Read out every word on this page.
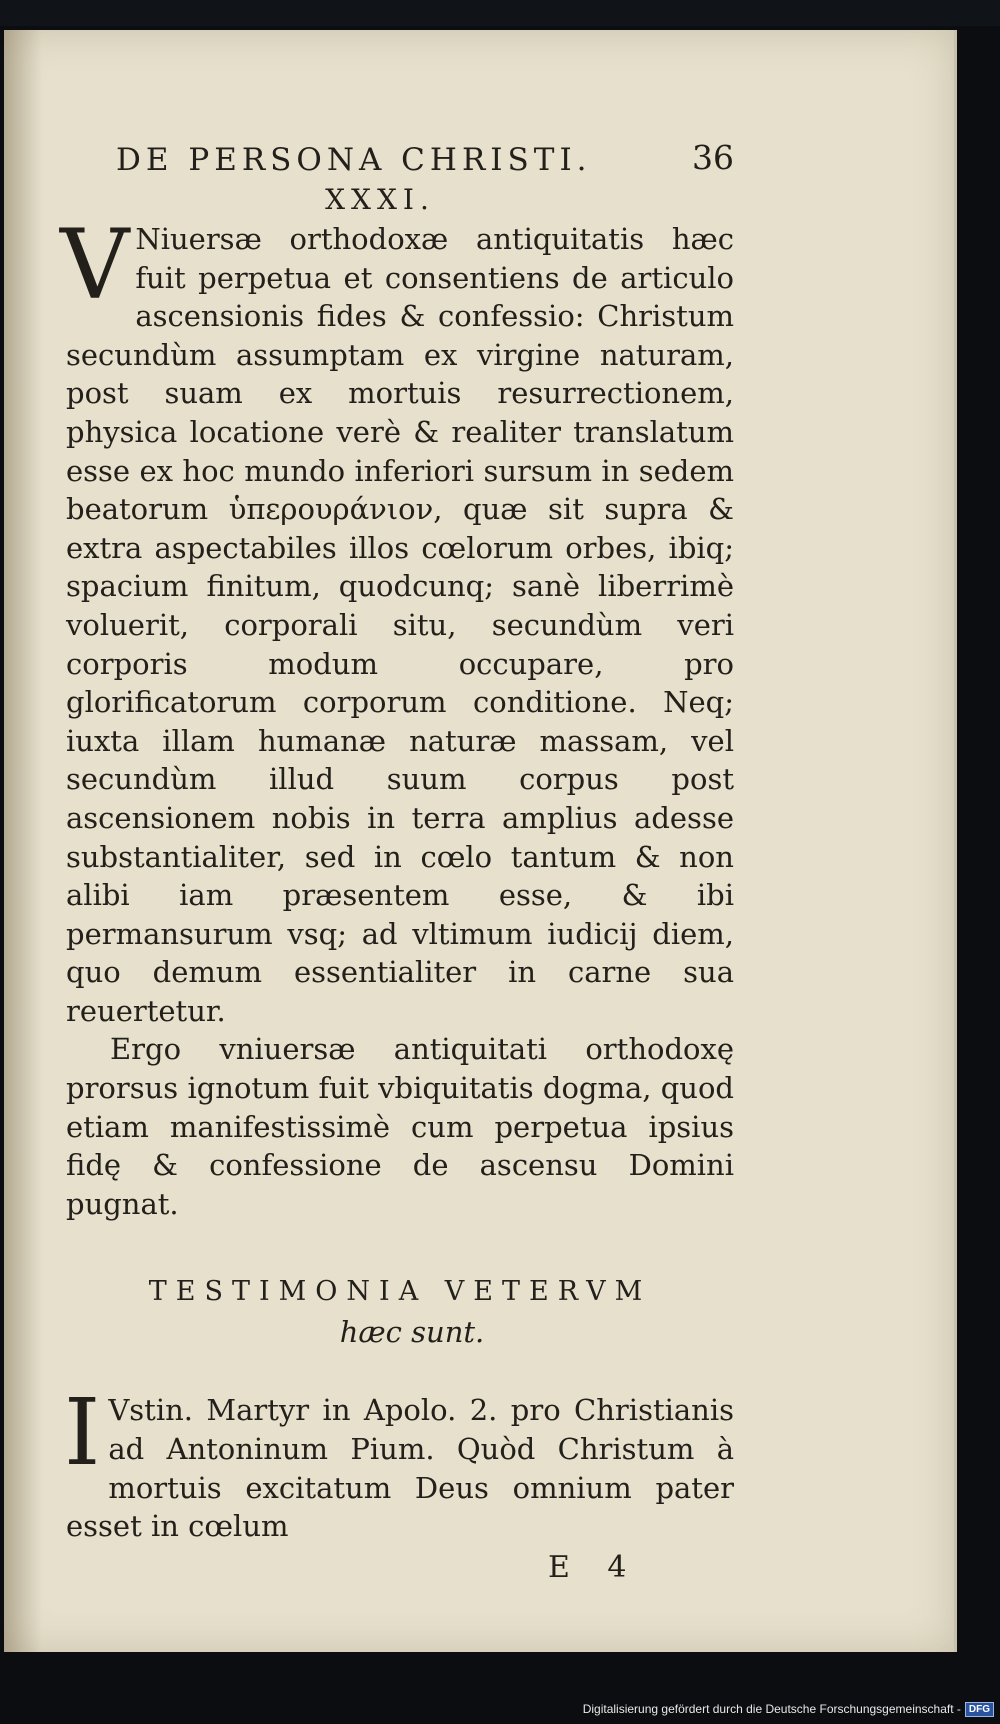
DE PERSONA CHRISTI.	36
XXXI.
V Niuersæ orthodoxæ antiquitatis hæc fuit perpetua et consentiens de articulo ascensionis fides & confessio: Christum secundùm assumptam ex virgine naturam, post suam ex mortuis resurrectionem, physica locatione verè & realiter translatum esse ex hoc mundo inferiori sursum in sedem beatorum ὑπερουράνιον, quæ sit supra & extra aspectabiles illos cœlorum orbes, ibiq; spacium finitum, quodcunq; sanè liberrimè voluerit, corporali situ, secundùm veri corporis modum occupare, pro glorificatorum corporum conditione. Neq; iuxta illam humanæ naturæ massam, vel secundùm illud suum corpus post ascensionem nobis in terra amplius adesse substantialiter, sed in cœlo tantum & non alibi iam præsentem esse, & ibi permansurum vsq; ad vltimum iudicij diem, quo demum essentialiter in carne sua reuertetur.
Ergo vniuersæ antiquitati orthodoxę prorsus ignotum fuit vbiquitatis dogma, quod etiam manifestissimè cum perpetua ipsius fidę & confessione de ascensu Domini pugnat.
TESTIMONIA VETERVM
hæc sunt.
I Vstin. Martyr in Apolo. 2. pro Christianis ad Antoninum Pium. Quòd Christum à mortuis excitatum Deus omnium pater esset in cœlum
E 4
Digitalisierung gefördert durch die Deutsche Forschungsgemeinschaft - DFG
